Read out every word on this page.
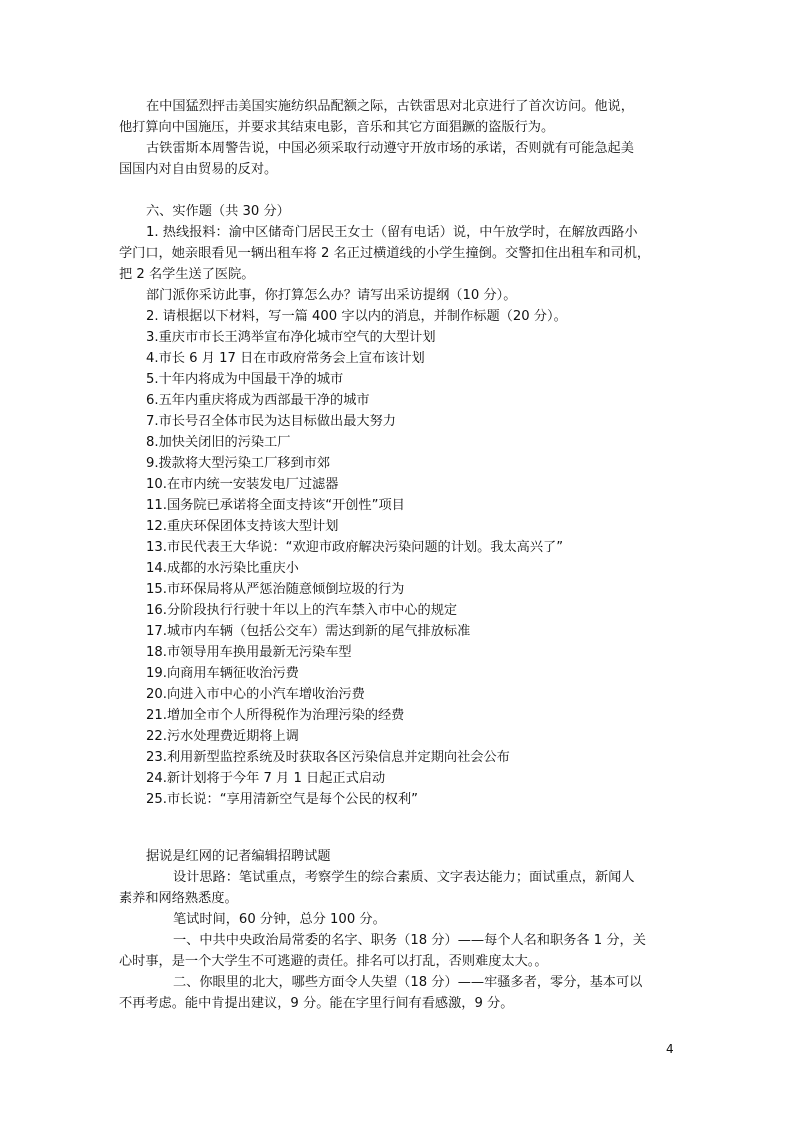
在中国猛烈抨击美国实施纺织品配额之际，古铁雷思对北京进行了首次访问。他说，
他打算向中国施压，并要求其结束电影，音乐和其它方面猖蹶的盗版行为。
古铁雷斯本周警告说，中国必须采取行动遵守开放市场的承诺，否则就有可能急起美
国国内对自由贸易的反对。
六、实作题（共 30 分）
1. 热线报料：渝中区储奇门居民王女士（留有电话）说，中午放学时，在解放西路小
学门口，她亲眼看见一辆出租车将 2 名正过横道线的小学生撞倒。交警扣住出租车和司机，
把 2 名学生送了医院。
部门派你采访此事，你打算怎么办？请写出采访提纲（10 分）。
2. 请根据以下材料，写一篇 400 字以内的消息，并制作标题（20 分）。
3.重庆市市长王鸿举宣布净化城市空气的大型计划
4.市长 6 月 17 日在市政府常务会上宣布该计划
5.十年内将成为中国最干净的城市
6.五年内重庆将成为西部最干净的城市
7.市长号召全体市民为达目标做出最大努力
8.加快关闭旧的污染工厂
9.拨款将大型污染工厂移到市郊
10.在市内统一安装发电厂过滤器
11.国务院已承诺将全面支持该“开创性”项目
12.重庆环保团体支持该大型计划
13.市民代表王大华说：“欢迎市政府解决污染问题的计划。我太高兴了”
14.成都的水污染比重庆小
15.市环保局将从严惩治随意倾倒垃圾的行为
16.分阶段执行行驶十年以上的汽车禁入市中心的规定
17.城市内车辆（包括公交车）需达到新的尾气排放标准
18.市领导用车换用最新无污染车型
19.向商用车辆征收治污费
20.向进入市中心的小汽车增收治污费
21.增加全市个人所得税作为治理污染的经费
22.污水处理费近期将上调
23.利用新型监控系统及时获取各区污染信息并定期向社会公布
24.新计划将于今年 7 月 1 日起正式启动
25.市长说：“享用清新空气是每个公民的权利”
据说是红网的记者编辑招聘试题
设计思路：笔试重点，考察学生的综合素质、文字表达能力；面试重点，新闻人
素养和网络熟悉度。
笔试时间，60 分钟，总分 100 分。
一、中共中央政治局常委的名字、职务（18 分）——每个人名和职务各 1 分，关
心时事，是一个大学生不可逃避的责任。排名可以打乱，否则难度太大。。
二、你眼里的北大，哪些方面令人失望（18 分）——牢骚多者，零分，基本可以
不再考虑。能中肯提出建议，9 分。能在字里行间有看感激，9 分。
4
